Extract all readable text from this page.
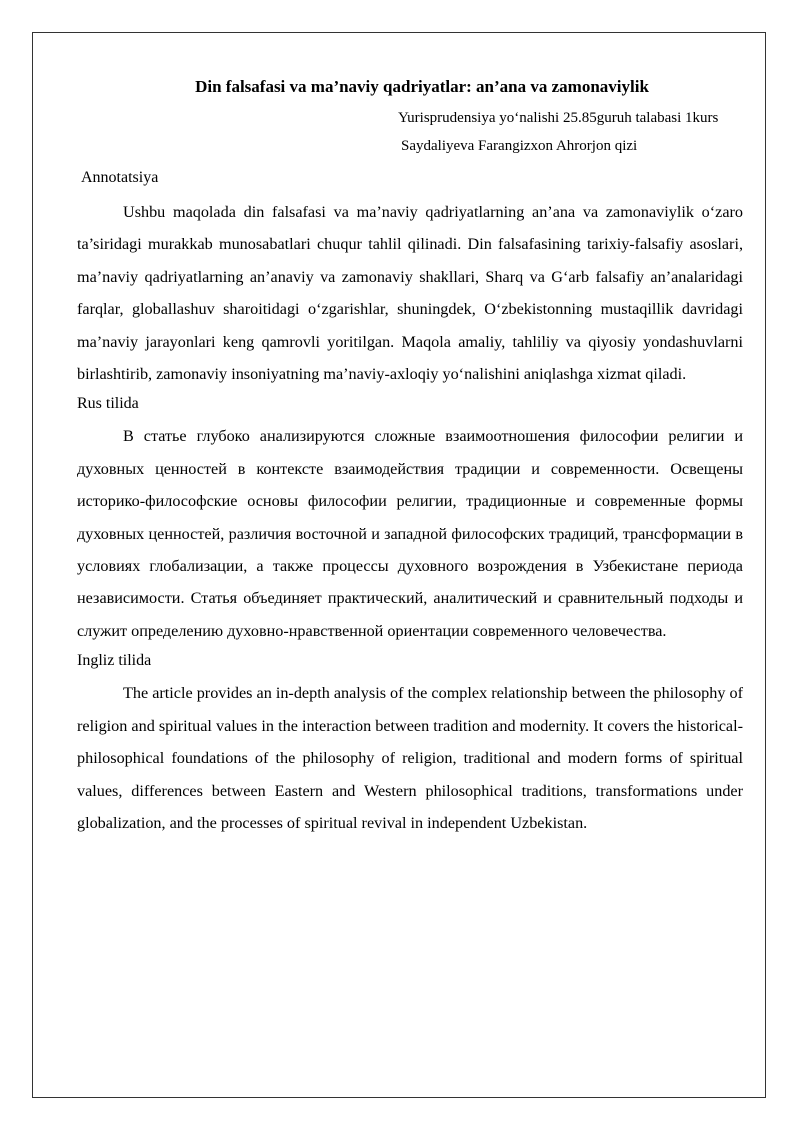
Din falsafasi va ma’naviy qadriyatlar: an’ana va zamonaviylik

Yurisprudensiya yo‘nalishi 25.85guruh talabasi 1kurs

Saydaliyeva Farangizxon Ahrorjon qizi

Annotatsiya

Ushbu maqolada din falsafasi va ma’naviy qadriyatlarning an’ana va zamonaviylik o‘zaro ta’siridagi murakkab munosabatlari chuqur tahlil qilinadi. Din falsafasining tarixiy-falsafiy asoslari, ma’naviy qadriyatlarning an’anaviy va zamonaviy shakllari, Sharq va G‘arb falsafiy an’analaridagi farqlar, globallashuv sharoitidagi o‘zgarishlar, shuningdek, O‘zbekistonning mustaqillik davridagi ma’naviy jarayonlari keng qamrovli yoritilgan. Maqola amaliy, tahliliy va qiyosiy yondashuvlarni birlashtirib, zamonaviy insoniyatning ma’naviy-axloqiy yo‘nalishini aniqlashga xizmat qiladi.

Rus tilida

В статье глубоко анализируются сложные взаимоотношения философии религии и духовных ценностей в контексте взаимодействия традиции и современности. Освещены историко-философские основы философии религии, традиционные и современные формы духовных ценностей, различия восточной и западной философских традиций, трансформации в условиях глобализации, а также процессы духовного возрождения в Узбекистане периода независимости. Статья объединяет практический, аналитический и сравнительный подходы и служит определению духовно-нравственной ориентации современного человечества.

Ingliz tilida

The article provides an in-depth analysis of the complex relationship between the philosophy of religion and spiritual values in the interaction between tradition and modernity. It covers the historical-philosophical foundations of the philosophy of religion, traditional and modern forms of spiritual values, differences between Eastern and Western philosophical traditions, transformations under globalization, and the processes of spiritual revival in independent Uzbekistan.
